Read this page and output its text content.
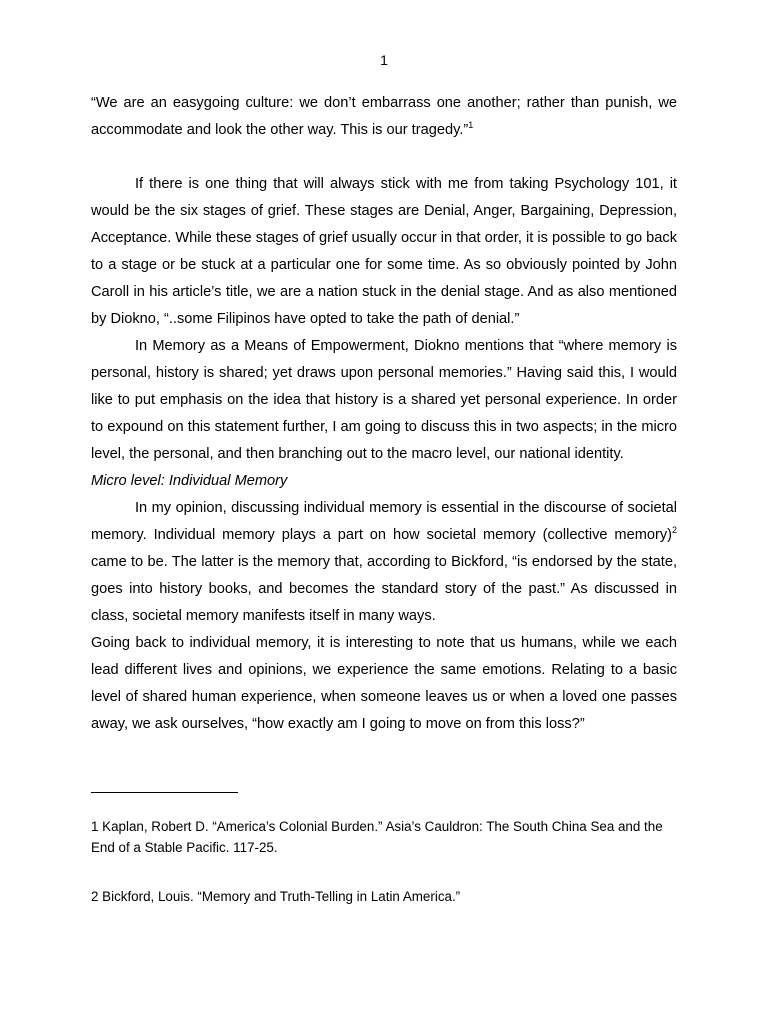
1

“We are an easygoing culture: we don’t embarrass one another; rather than punish, we accommodate and look the other way. This is our tragedy.”$^1$

If there is one thing that will always stick with me from taking Psychology 101, it would be the six stages of grief. These stages are Denial, Anger, Bargaining, Depression, Acceptance. While these stages of grief usually occur in that order, it is possible to go back to a stage or be stuck at a particular one for some time. As so obviously pointed by John Caroll in his article’s title, we are a nation stuck in the denial stage. And as also mentioned by Diokno, “..some Filipinos have opted to take the path of denial.”

In Memory as a Means of Empowerment, Diokno mentions that “where memory is personal, history is shared; yet draws upon personal memories.” Having said this, I would like to put emphasis on the idea that history is a shared yet personal experience. In order to expound on this statement further, I am going to discuss this in two aspects; in the micro level, the personal, and then branching out to the macro level, our national identity.

Micro level: Individual Memory

In my opinion, discussing individual memory is essential in the discourse of societal memory. Individual memory plays a part on how societal memory (collective memory)$^2$ came to be. The latter is the memory that, according to Bickford, “is endorsed by the state, goes into history books, and becomes the standard story of the past.” As discussed in class, societal memory manifests itself in many ways.

Going back to individual memory, it is interesting to note that us humans, while we each lead different lives and opinions, we experience the same emotions. Relating to a basic level of shared human experience, when someone leaves us or when a loved one passes away, we ask ourselves, “how exactly am I going to move on from this loss?”

1 Kaplan, Robert D. “America’s Colonial Burden.” Asia’s Cauldron: The South China Sea and the End of a Stable Pacific. 117-25.

2 Bickford, Louis. “Memory and Truth-Telling in Latin America.”
